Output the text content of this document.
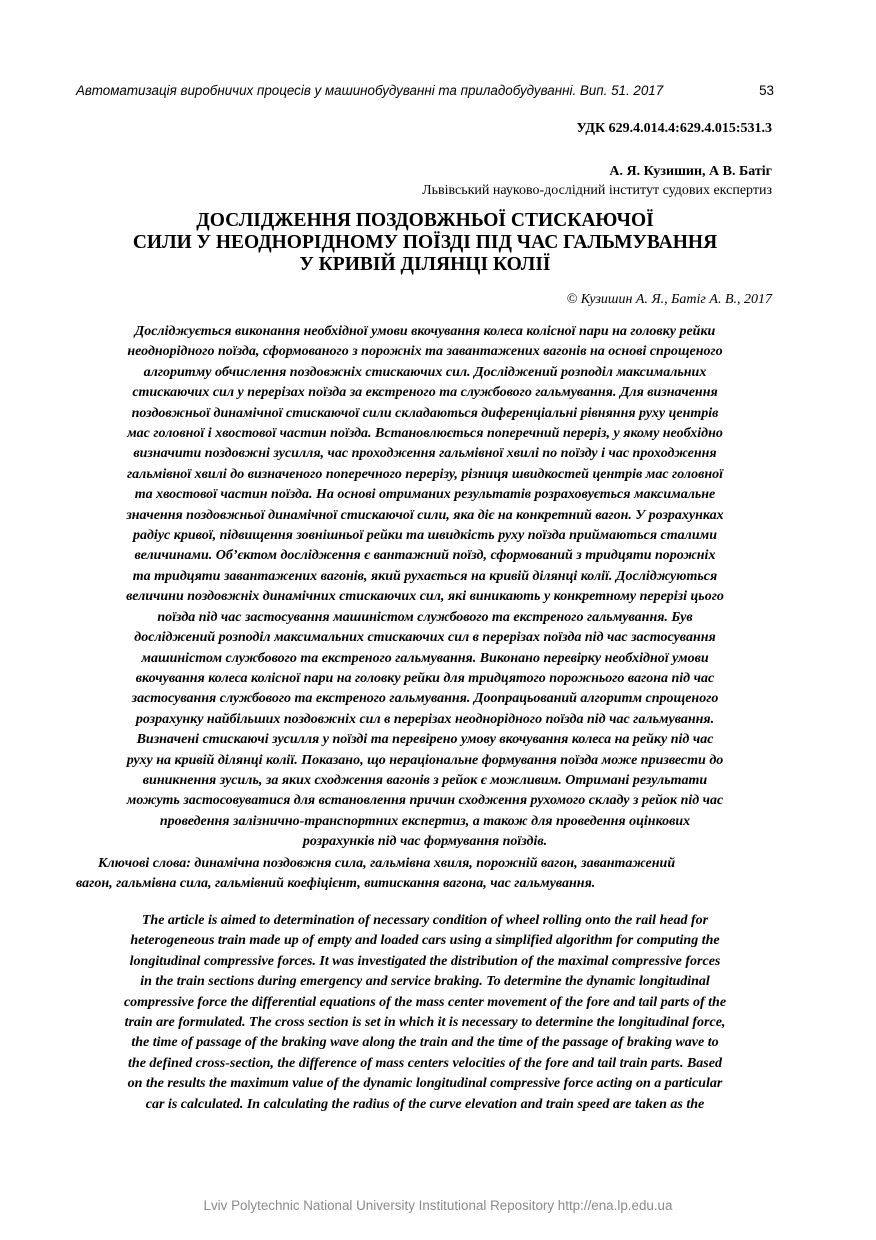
Автоматизація виробничих процесів у машинобудуванні та приладобудуванні. Вип. 51. 2017	53
УДК 629.4.014.4:629.4.015:531.3
А. Я. Кузишин, А В. Батіг
Львівський науково-дослідний інститут судових експертиз
ДОСЛІДЖЕННЯ ПОЗДОВЖНЬОЇ СТИСКАЮЧОЇ
СИЛИ У НЕОДНОРІДНОМУ ПОЇЗДІ ПІД ЧАС ГАЛЬМУВАННЯ
У КРИВІЙ ДІЛЯНЦІ КОЛІЇ
© Кузишин А. Я., Батіг А. В., 2017
Досліджується виконання необхідної умови вкочування колеса колісної пари на головку рейки
неоднорідного поїзда, сформованого з порожніх та завантажених вагонів на основі спрощеного
алгоритму обчислення поздовжніх стискаючих сил. Досліджений розподіл максимальних
стискаючих сил у перерізах поїзда за екстреного та службового гальмування. Для визначення
поздовжньої динамічної стискаючої сили складаються диференціальні рівняння руху центрів
мас головної і хвостової частин поїзда. Встановлюється поперечний переріз, у якому необхідно
визначити поздовжні зусилля, час проходження гальмівної хвилі по поїзду і час проходження
гальмівної хвилі до визначеного поперечного перерізу, різниця швидкостей центрів мас головної
та хвостової частин поїзда. На основі отриманих результатів розраховується максимальне
значення поздовжньої динамічної стискаючої сили, яка діє на конкретний вагон. У розрахунках
радіус кривої, підвищення зовнішньої рейки та швидкість руху поїзда приймаються сталими
величинами. Об’єктом дослідження є вантажний поїзд, сформований з тридцяти порожніх
та тридцяти завантажених вагонів, який рухається на кривій ділянці колії. Досліджуються
величини поздовжніх динамічних стискаючих сил, які виникають у конкретному перерізі цього
поїзда під час застосування машиністом службового та екстреного гальмування. Був
досліджений розподіл максимальних стискаючих сил в перерізах поїзда під час застосування
машиністом службового та екстреного гальмування. Виконано перевірку необхідної умови
вкочування колеса колісної пари на головку рейки для тридцятого порожнього вагона під час
застосування службового та екстреного гальмування. Доопрацьований алгоритм спрощеного
розрахунку найбільших поздовжніх сил в перерізах неоднорідного поїзда під час гальмування.
Визначені стискаючі зусилля у поїзді та перевірено умову вкочування колеса на рейку під час
руху на кривій ділянці колії. Показано, що нераціональне формування поїзда може призвести до
виникнення зусиль, за яких сходження вагонів з рейок є можливим. Отримані результати
можуть застосовуватися для встановлення причин сходження рухомого складу з рейок під час
проведення залізнично-транспортних експертиз, а також для проведення оцінкових
розрахунків під час формування поїздів.
Ключові слова: динамічна поздовжня сила, гальмівна хвиля, порожній вагон, завантажений
вагон, гальмівна сила, гальмівний коефіцієнт, витискання вагона, час гальмування.
The article is aimed to determination of necessary condition of wheel rolling onto the rail head for
heterogeneous train made up of empty and loaded cars using a simplified algorithm for computing the
longitudinal compressive forces. It was investigated the distribution of the maximal compressive forces
in the train sections during emergency and service braking. To determine the dynamic longitudinal
compressive force the differential equations of the mass center movement of the fore and tail parts of the
train are formulated. The cross section is set in which it is necessary to determine the longitudinal force,
the time of passage of the braking wave along the train and the time of the passage of braking wave to
the defined cross-section, the difference of mass centers velocities of the fore and tail train parts. Based
on the results the maximum value of the dynamic longitudinal compressive force acting on a particular
car is calculated. In calculating the radius of the curve elevation and train speed are taken as the
Lviv Polytechnic National University Institutional Repository http://ena.lp.edu.ua
